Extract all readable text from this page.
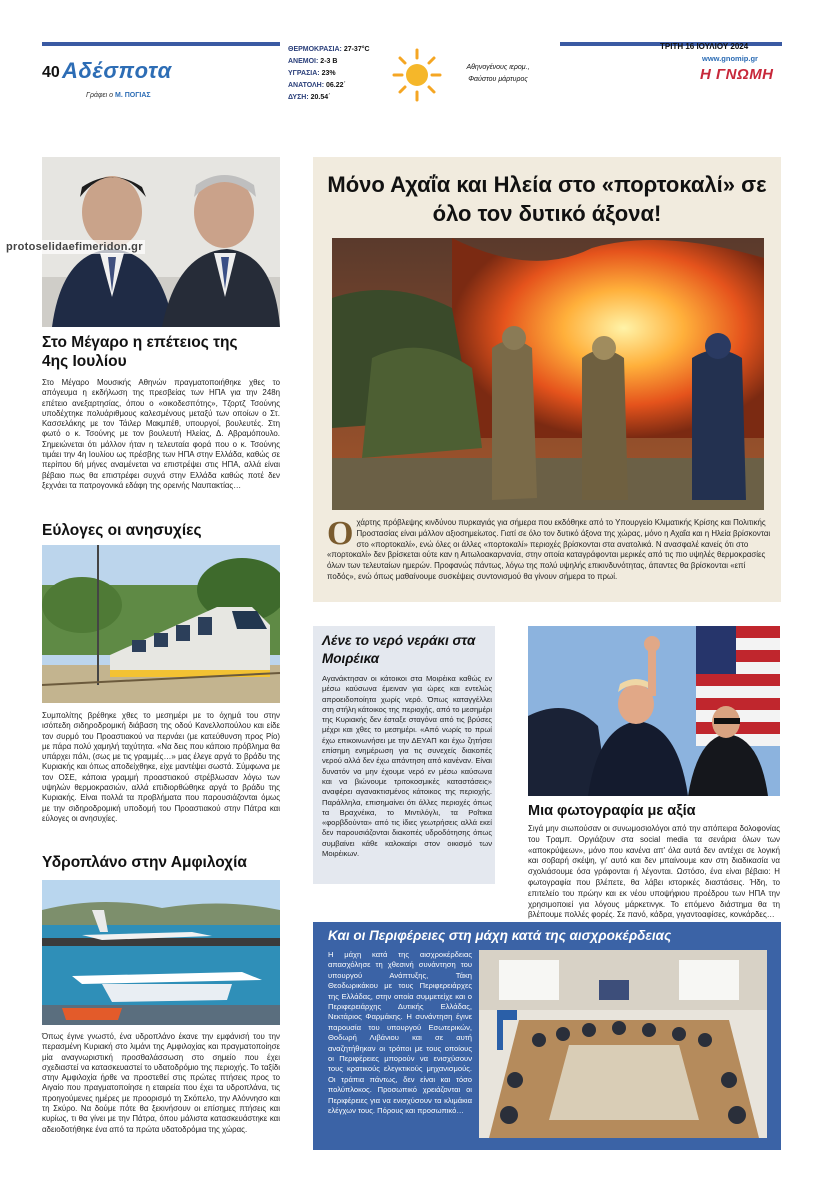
40 Αδέσποτα
Γράφει ο Μ. ΠΟΓΙΑΣ
ΘΕΡΜΟΚΡΑΣΙΑ: 27-37°C
ΑΝΕΜΟΙ: 2-3 Β
ΥΓΡΑΣΙΑ: 23%
ΑΝΑΤΟΛΗ: 06.22΄
ΔΥΣΗ: 20.54΄
Αθηνογένους ιερομ., Φαύστου μάρτυρος
ΤΡΙΤΗ 16 ΙΟΥΛΙΟΥ 2024
www.gnomip.gr
Η ΓΝΩΜΗ
protoselidaefimeridon.gr
Στο Μέγαρο η επέτειος της 4ης Ιουλίου
Στο Μέγαρο Μουσικής Αθηνών πραγματοποιήθηκε χθες το απόγευμα η εκδήλωση της πρεσβείας των ΗΠΑ για την 248η επέτειο ανεξαρτησίας, όπου ο «οικοδεσπότης», Τζορτζ Τσούνης υποδέχτηκε πολυάριθμους καλεσμένους μεταξύ των οποίων ο Στ. Κασσελάκης με τον Τάιλερ Μακμπέθ, υπουργοί, βουλευτές. Στη φωτό ο κ. Τσούνης με τον βουλευτή Ηλείας, Δ. Αβραμόπουλο. Σημειώνεται ότι μάλλον ήταν η τελευταία φορά που ο κ. Τσούνης τιμάει την 4η Ιουλίου ως πρέσβης των ΗΠΑ στην Ελλάδα, καθώς σε περίπου 6ή μήνες αναμένεται να επιστρέψει στις ΗΠΑ, αλλά είναι βέβαιο πως θα επιστρέφει συχνά στην Ελλάδα καθώς ποτέ δεν ξεχνάει τα πατρογονικά εδάφη της ορεινής Ναυπακτίας…
Εύλογες οι ανησυχίες
Συμπολίτης βρέθηκε χθες το μεσημέρι με το όχημά του στην ισόπεδη σιδηροδρομική διάβαση της οδού Κανελλοπούλου και είδε τον συρμό του Προαστιακού να περνάει (με κατεύθυνση προς Ρίο) με πάρα πολύ χαμηλή ταχύτητα. «Να δεις που κάποιο πρόβλημα θα υπάρχει πάλι, (σως με τις γραμμές…» μας έλεγε αργά το βράδυ της Κυριακής και όπως αποδείχθηκε, είχε μαντέψει σωστά. Σύμφωνα με τον ΟΣΕ, κάποια γραμμή προαστιακού στρέβλωσαν λόγω των υψηλών θερμοκρασιών, αλλά επιδιορθώθηκε αργά το βράδυ της Κυριακής. Είναι πολλά τα προβλήματα που παρουσιάζονται όμως με την σιδηροδρομική υποδομή του Προαστιακού στην Πάτρα και εύλογες οι ανησυχίες.
Υδροπλάνο στην Αμφιλοχία
Όπως έγινε γνωστό, ένα υδροπλάνο έκανε την εμφάνισή του την περασμένη Κυριακή στο λιμάνι της Αμφιλοχίας και πραγματοποίησε μία αναγνωριστική προσθαλάσσωση στο σημείο που έχει σχεδιαστεί να κατασκευαστεί το υδατοδρόμιο της περιοχής. Το ταξίδι στην Αμφιλοχία ήρθε να προστεθεί στις πρώτες πτήσεις προς το Αιγαίο που πραγματοποίησε η εταιρεία που έχει τα υδροπλάνα, τις προηγούμενες ημέρες με προορισμό τη Σκόπελο, την Αλόννησο και τη Σκύρο. Να δούμε πότε θα ξεκινήσουν οι επίσημες πτήσεις και κυρίως, τι θα γίνει με την Πάτρα, όπου μάλιστα κατασκευάστηκε και αδειοδοτήθηκε ένα από τα πρώτα υδατοδρόμια της χώρας.
Μόνο Αχαΐα και Ηλεία στο «πορτοκαλί» σε όλο τον δυτικό άξονα!
Οχάρτης πρόβλεψης κινδύνου πυρκαγιάς για σήμερα που εκδόθηκε από το Υπουργείο Κλιματικής Κρίσης και Πολιτικής Προστασίας είναι μάλλον αξιοσημείωτος. Γιατί σε όλο τον δυτικό άξονα της χώρας, μόνο η Αχαΐα και η Ηλεία βρίσκονται στο «πορτοκαλί», ενώ όλες οι άλλες «πορτοκαλί» περιοχές βρίσκονται στα ανατολικά. Ν ανασφαλέ κανείς ότι στο «πορτοκαλί» δεν βρίσκεται ούτε καν η Αιτωλοακαρνανία, στην οποία καταγράφονται μερικές από τις πιο υψηλές θερμοκρασίες όλων των τελευταίων ημερών. Προφανώς πάντως, λόγω της πολύ υψηλής επικινδυνότητας, άπαντες θα βρίσκονται «επί ποδός», ενώ όπως μαθαίνουμε συσκέψεις συντονισμού θα γίνουν σήμερα το πρωί.
Λένε το νερό νεράκι στα Μοιρέικα
Αγανάκτησαν οι κάτοικοι στα Μοιρέικα καθώς εν μέσω καύσωνα έμειναν για ώρες και εντελώς απροειδοποίητα χωρίς νερό. Όπως καταγγέλλει στη στήλη κάτοικος της περιοχής, από το μεσημέρι της Κυριακής δεν έσταξε σταγόνα από τις βρύσες μέχρι και χθες το μεσημέρι. «Από νωρίς το πρωί έχω επικοινωνήσει με την ΔΕΥΑΠ και έχω ζητήσει επίσημη ενημέρωση για τις συνεχείς διακοπές νερού αλλά δεν έχω απάντηση από κανέναν. Είναι δυνατόν να μην έχουμε νερό εν μέσω καύσωνα και να βιώνουμε τριτοκοσμικές καταστάσεις» αναφέρει αγανακτισμένος κάτοικος της περιοχής. Παράλληλα, επισημαίνει ότι άλλες περιοχές όπως τα Βραχνέικα, το Μιντιλόγλι, τα Ροΐτικα «φορβδούντα» από τις ίδιες γεωτρήσεις αλλά εκεί δεν παρουσιάζονται διακοπές υδροδότησης όπως συμβαίνει κάθε καλοκαίρι στον οικισμό των Μοιρέικων.
Μια φωτογραφία με αξία
Σιγά μην σιωπούσαν οι συνωμοσιολόγοι από την απόπειρα δολοφονίας του Τραμπ. Οργιάζουν στα social media τα σενάρια όλων των «αποκρύψεων», μόνο που κανένα απ' όλα αυτά δεν αντέχει σε λογική και σοβαρή σκέψη, γι' αυτό και δεν μπαίνουμε καν στη διαδικασία να σχολιάσουμε όσα γράφονται ή λέγονται. Ωστόσο, ένα είναι βέβαιο: Η φωτογραφία που βλέπετε, θα λάβει ιστορικές διαστάσεις. Ήδη, το επιτελείο του πρώην και εκ νέου υποψήφιου προέδρου των ΗΠΑ την χρησιμοποιεί για λόγους μάρκετινγκ. Το επόμενο διάστημα θα τη βλέπουμε πολλές φορές. Σε πανό, κάδρα, γιγαντοαφίσες, κονκάρδες…
Και οι Περιφέρειες στη μάχη κατά της αισχροκέρδειας
Η μάχη κατά της αισχροκέρδειας απασχόλησε τη χθεσινή συνάντηση του υπουργού Ανάπτυξης, Τάκη Θεοδωρικάκου με τους Περιφερειάρχες της Ελλάδας, στην οποία συμμετείχε και ο Περιφερειάρχης Δυτικής Ελλάδας, Νεκτάριος Φαρμάκης. Η συνάντηση έγινε παρουσία του υπουργού Εσωτερικών, Θοδωρή Λιβάνιου και σε αυτή αναζητήθηκαν οι τρόποι με τους οποίους οι Περιφέρειες μπορούν να ενισχύσουν τους κρατικούς ελεγκτικούς μηχανισμούς. Οι τράπια πάντως, δεν είναι και τόσο πολύπλοκος. Προσωπικό χρειάζονται οι Περιφέρειες για να ενισχύσουν τα κλιμάκια ελέγχων τους. Πόρους και προσωπικό…
